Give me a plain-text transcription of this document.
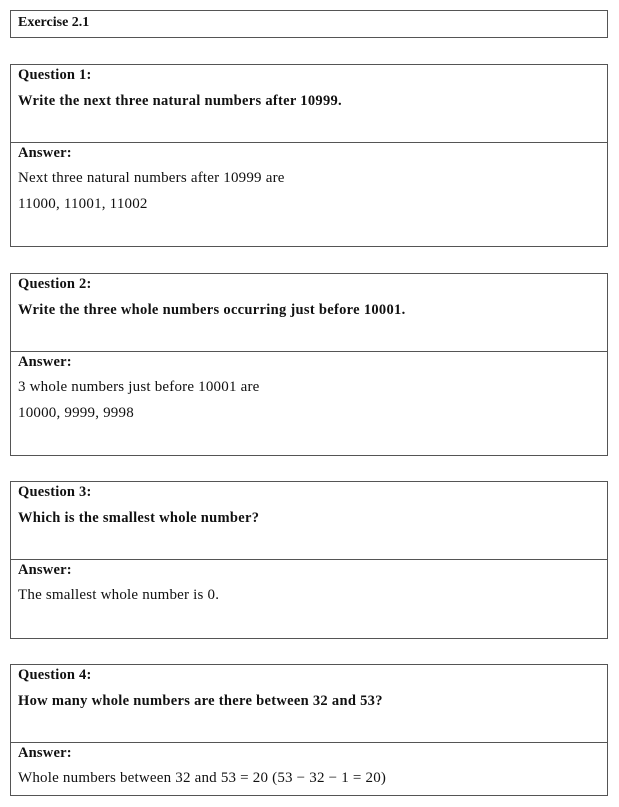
Exercise 2.1
Question 1:
Write the next three natural numbers after 10999.
Answer:
Next three natural numbers after 10999 are
11000, 11001, 11002
Question 2:
Write the three whole numbers occurring just before 10001.
Answer:
3 whole numbers just before 10001 are
10000, 9999, 9998
Question 3:
Which is the smallest whole number?
Answer:
The smallest whole number is 0.
Question 4:
How many whole numbers are there between 32 and 53?
Answer:
Whole numbers between 32 and 53 = 20 (53 − 32 − 1 = 20)
